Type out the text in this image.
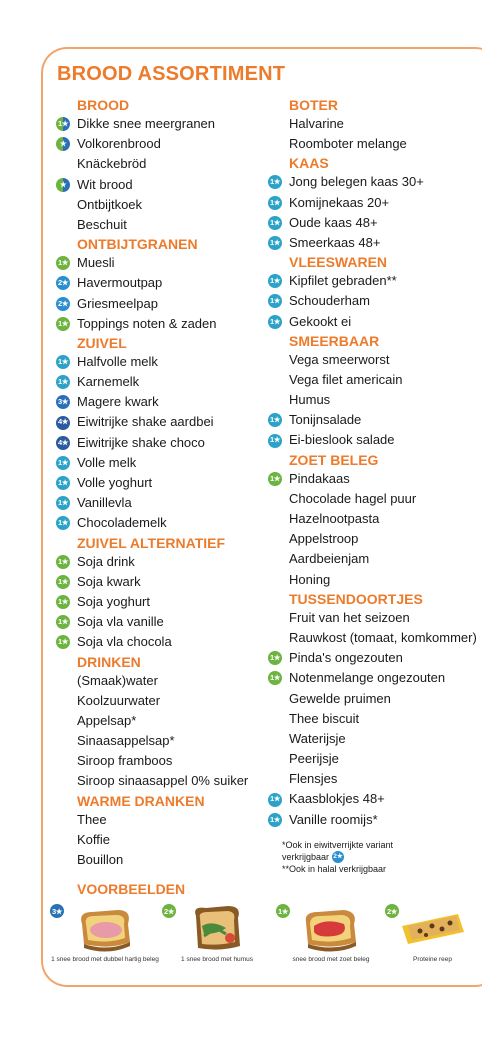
BROOD ASSORTIMENT
BROOD
1★ Dikke snee meergranen
★ Volkorenbrood
Knäckebröd
★ Wit brood
Ontbijtkoek
Beschuit
ONTBIJTGRANEN
1★ Muesli
2★ Havermoutpap
2★ Griesmeelpap
1★ Toppings noten & zaden
ZUIVEL
1★ Halfvolle melk
1★ Karnemelk
3★ Magere kwark
4★ Eiwitrijke shake aardbei
4★ Eiwitrijke shake choco
1★ Volle melk
1★ Volle yoghurt
1★ Vanillevla
1★ Chocolademelk
ZUIVEL ALTERNATIEF
1★ Soja drink
1★ Soja kwark
1★ Soja yoghurt
1★ Soja vla vanille
1★ Soja vla chocola
DRINKEN
(Smaak)water
Koolzuurwater
Appelsap*
Sinaasappelsap*
Siroop framboos
Siroop sinaasappel 0% suiker
WARME DRANKEN
Thee
Koffie
Bouillon
BOTER
Halvarine
Roomboter melange
KAAS
1★ Jong belegen kaas 30+
1★ Komijnekaas 20+
1★ Oude kaas 48+
1★ Smeerkaas 48+
VLEESWAREN
1★ Kipfilet gebraden**
1★ Schouderham
1★ Gekookt ei
SMEERBAAR
Vega smeerworst
Vega filet americain
Humus
1★ Tonijnsalade
1★ Ei-bieslook salade
ZOET BELEG
1★ Pindakaas
Chocolade hagel puur
Hazelnootpasta
Appelstroop
Aardbeienjam
Honing
TUSSENDOORTJES
Fruit van het seizoen
Rauwkost (tomaat, komkommer)
1★ Pinda's ongezouten
1★ Notenmelange ongezouten
Gewelde pruimen
Thee biscuit
Waterijsje
Peerijsje
Flensjes
1★ Kaasblokjes 48+
1★ Vanille roomijs*
*Ook in eiwitverrijkte variant
verkrijgbaar 2★
**Ook in halal verkrijgbaar
VOORBEELDEN
3★
1 snee brood met dubbel hartig beleg
2★
1 snee brood met humus
1★
snee brood met zoet beleg
2★
Proteine reep
